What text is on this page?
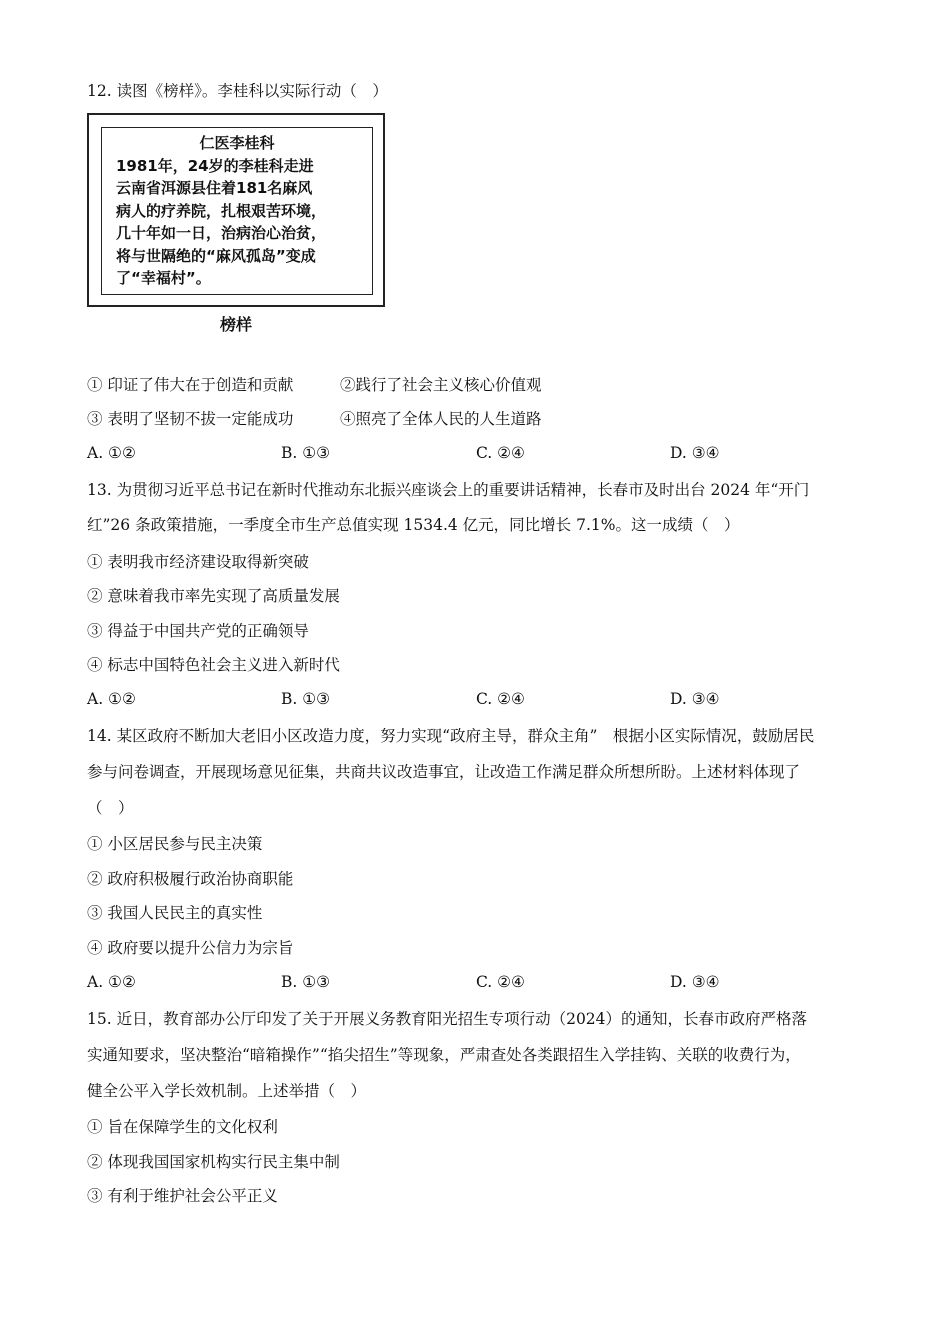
12. 读图《榜样》。李桂科以实际行动（　）
① 印证了伟大在于创造和贡献	②践行了社会主义核心价值观
③ 表明了坚韧不拔一定能成功	④照亮了全体人民的人生道路
A. ①②	B. ①③	C. ②④	D. ③④
13. 为贯彻习近平总书记在新时代推动东北振兴座谈会上的重要讲话精神，长春市及时出台 2024 年“开门
红”26 条政策措施，一季度全市生产总值实现 1534.4 亿元，同比增长 7.1%。这一成绩（　）
① 表明我市经济建设取得新突破
② 意味着我市率先实现了高质量发展
③ 得益于中国共产党的正确领导
④ 标志中国特色社会主义进入新时代
A. ①②	B. ①③	C. ②④	D. ③④
14. 某区政府不断加大老旧小区改造力度，努力实现“政府主导，群众主角”　根据小区实际情况，鼓励居民
参与问卷调查，开展现场意见征集，共商共议改造事宜，让改造工作满足群众所想所盼。上述材料体现了
（　）
① 小区居民参与民主决策
② 政府积极履行政治协商职能
③ 我国人民民主的真实性
④ 政府要以提升公信力为宗旨
A. ①②	B. ①③	C. ②④	D. ③④
15. 近日，教育部办公厅印发了关于开展义务教育阳光招生专项行动（2024）的通知，长春市政府严格落
实通知要求，坚决整治“暗箱操作”“掐尖招生”等现象，严肃查处各类跟招生入学挂钩、关联的收费行为，
健全公平入学长效机制。上述举措（　）
① 旨在保障学生的文化权利
② 体现我国国家机构实行民主集中制
③ 有利于维护社会公平正义
仁医李桂科
1981年，24岁的李桂科走进
云南省洱源县住着181名麻风
病人的疗养院，扎根艰苦环境，
几十年如一日，治病治心治贫，
将与世隔绝的“麻风孤岛”变成
了“幸福村”。
榜样
